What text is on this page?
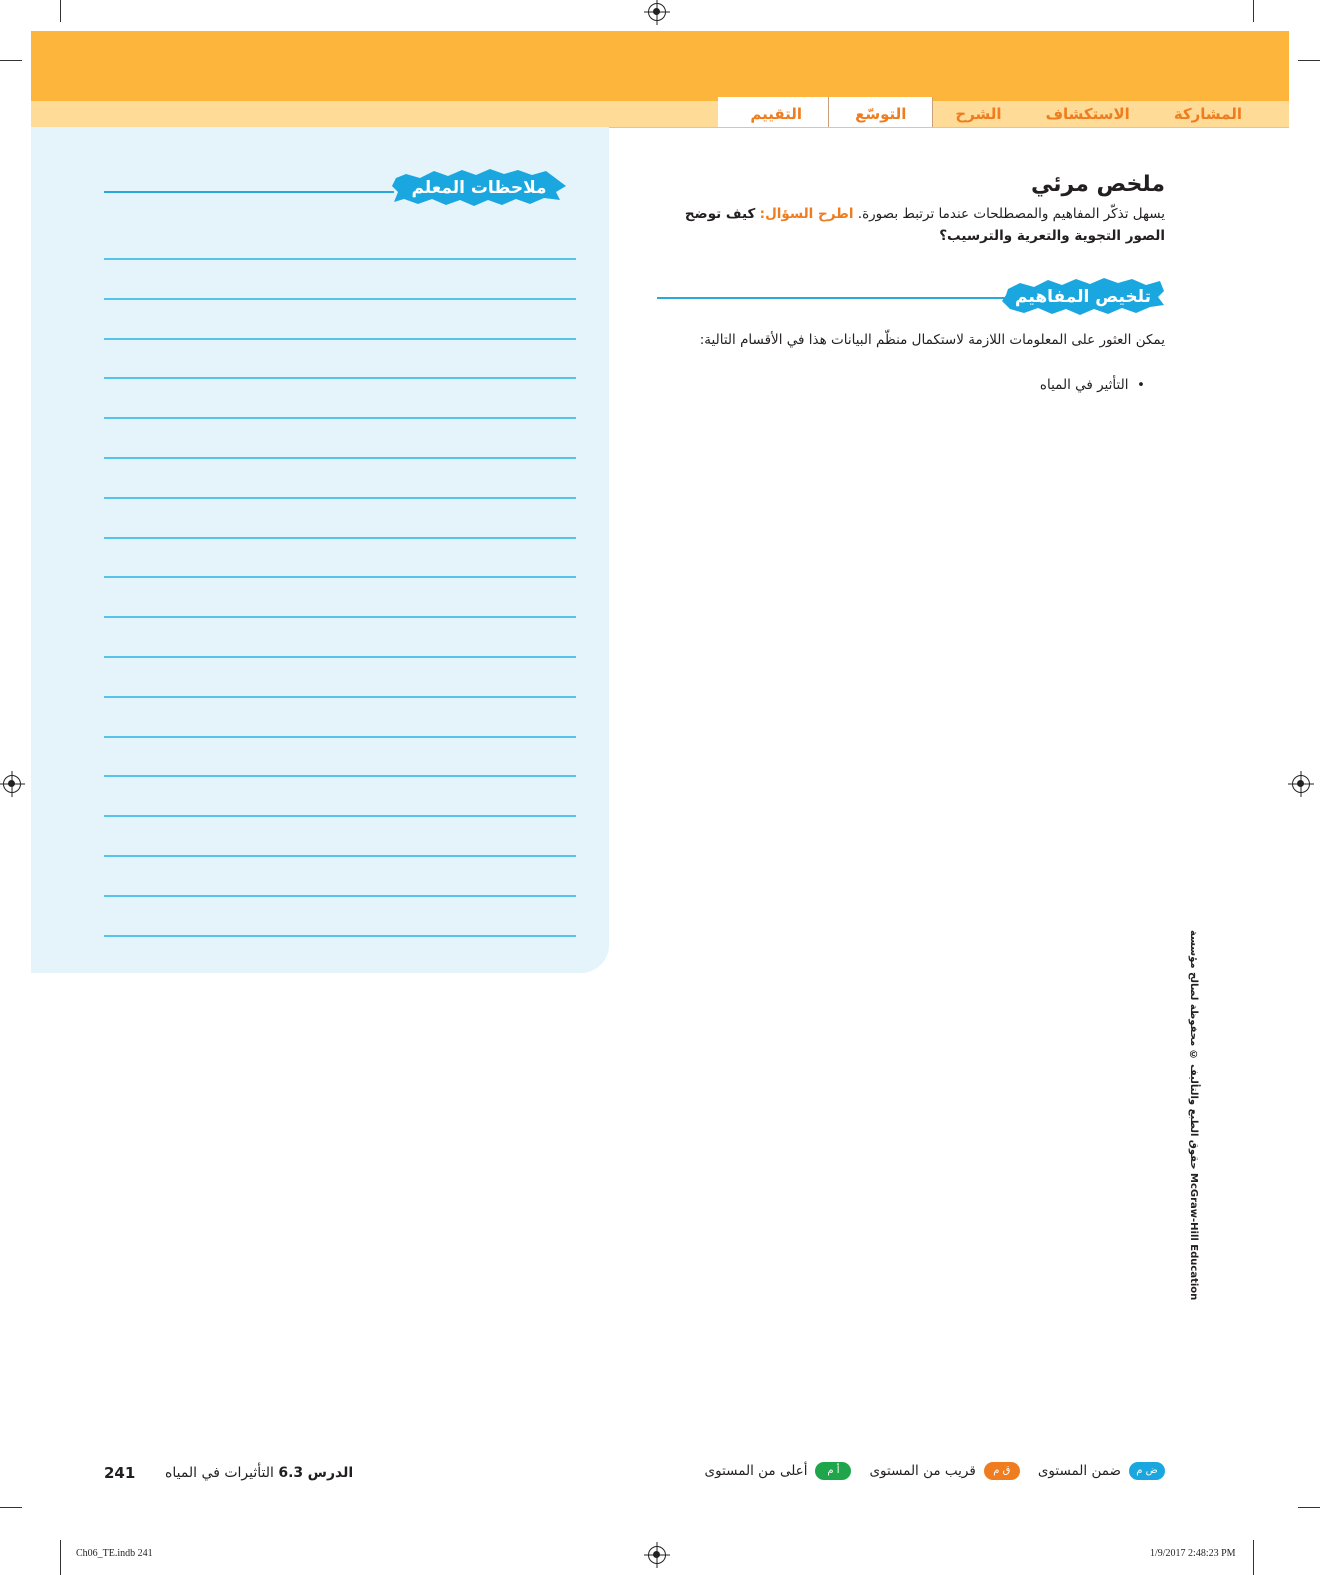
المشاركة
الاستكشاف
الشرح
التوسّع
التقييم
ملاحظات المعلم	ملخص مرئي
يسهل تذكّر المفاهيم والمصطلحات عندما ترتبط بصورة. اطرح السؤال: كيف توضح الصور التجوية والتعرية والترسيب؟
تلخيص المفاهيم
يمكن العثور على المعلومات اللازمة لاستكمال منظّم البيانات هذا في الأقسام التالية:
•  التأثير في المياه
حقوق الطبع والتأليف © محفوظة لصالح مؤسسة McGraw-Hill Education
ض م
ضمن المستوى
ق م
قريب من المستوى
أ م
أعلى من المستوى
الدرس 6.3 التأثيرات في المياه
241
Ch06_TE.indb 241	1/9/2017 2:48:23 PM
